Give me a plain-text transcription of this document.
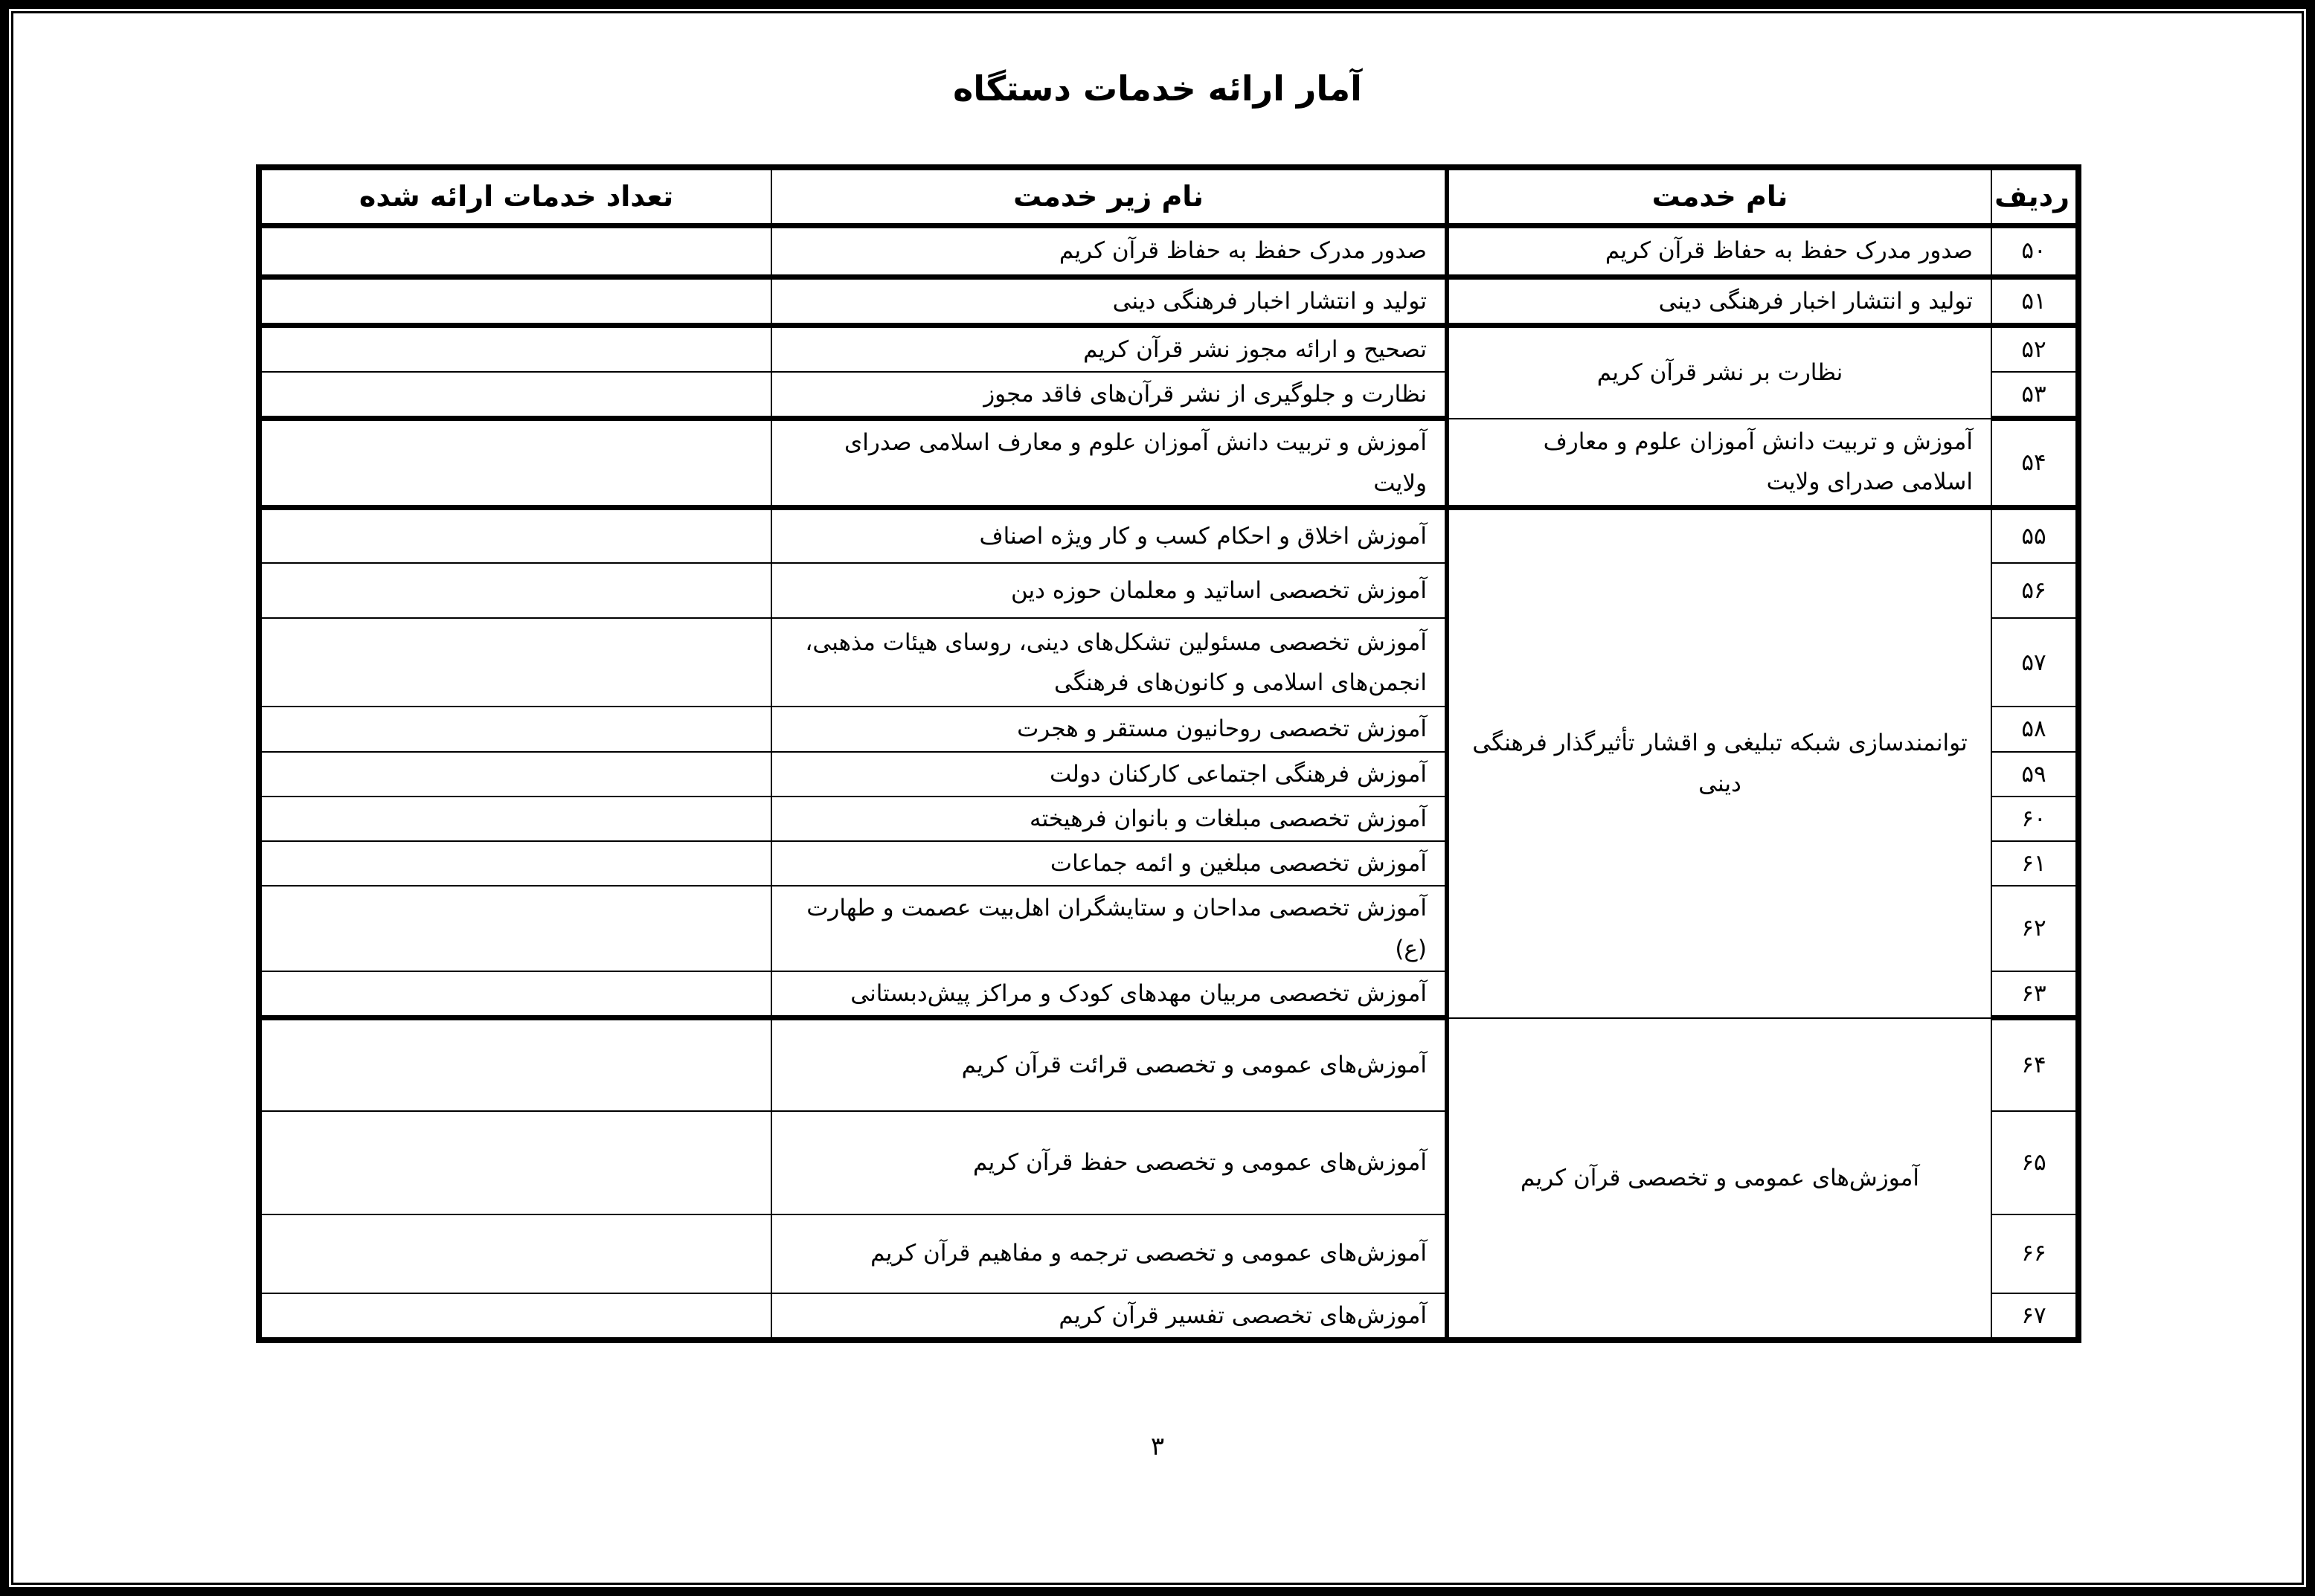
آمار ارائه خدمات دستگاه
ردیف	نام خدمت	نام زیر خدمت	تعداد خدمات ارائه شده
۵۰	صدور مدرک حفظ به حفاظ قرآن کریم	صدور مدرک حفظ به حفاظ قرآن کریم	
۵۱	تولید و انتشار اخبار فرهنگی دینی	تولید و انتشار اخبار فرهنگی دینی	
۵۲	نظارت بر نشر قرآن کریم	تصحیح و ارائه مجوز نشر قرآن کریم	
۵۳		نظارت و جلوگیری از نشر قرآن‌های فاقد مجوز	
۵۴	آموزش و تربیت دانش آموزان علوم و معارف اسلامی صدرای ولایت	آموزش و تربیت دانش آموزان علوم و معارف اسلامی صدرای ولایت	
۵۵	توانمندسازی شبکه تبلیغی و اقشار تأثیرگذار فرهنگی دینی	آموزش اخلاق و احکام کسب و کار ویژه اصناف	
۵۶		آموزش تخصصی اساتید و معلمان حوزه دین	
۵۷		آموزش تخصصی مسئولین تشکل‌های دینی، روسای هیئات مذهبی، انجمن‌های اسلامی و کانون‌های فرهنگی	
۵۸		آموزش تخصصی روحانیون مستقر و هجرت	
۵۹		آموزش فرهنگی اجتماعی کارکنان دولت	
۶۰		آموزش تخصصی مبلغات و بانوان فرهیخته	
۶۱		آموزش تخصصی مبلغین و ائمه جماعات	
۶۲		آموزش تخصصی مداحان و ستایشگران اهل‌بیت عصمت و طهارت (ع)	
۶۳		آموزش تخصصی مربیان مهدهای کودک و مراکز پیش‌دبستانی	
۶۴	آموزش‌های عمومی و تخصصی قرآن کریم	آموزش‌های عمومی و تخصصی قرائت قرآن کریم	
۶۵		آموزش‌های عمومی و تخصصی حفظ قرآن کریم	
۶۶		آموزش‌های عمومی و تخصصی ترجمه و مفاهیم قرآن کریم	
۶۷		آموزش‌های تخصصی تفسیر قرآن کریم	
۳
